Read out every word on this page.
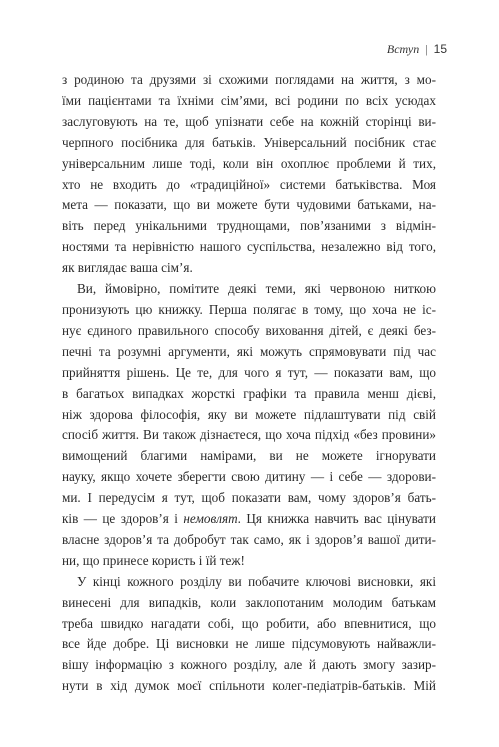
Вступ | 15

з родиною та друзями зі схожими поглядами на життя, з мо-
їми пацієнтами та їхніми сім’ями, всі родини по всіх усюдах
заслуговують на те, щоб упізнати себе на кожній сторінці ви-
черпного посібника для батьків. Універсальний посібник стає
універсальним лише тоді, коли він охоплює проблеми й тих,
хто не входить до «традиційної» системи батьківства. Моя
мета — показати, що ви можете бути чудовими батьками, на-
віть перед унікальними труднощами, пов’язаними з відмін-
ностями та нерівністю нашого суспільства, незалежно від того,
як виглядає ваша сім’я.

Ви, ймовірно, помітите деякі теми, які червоною ниткою
пронизують цю книжку. Перша полягає в тому, що хоча не іс-
нує єдиного правильного способу виховання дітей, є деякі без-
печні та розумні аргументи, які можуть спрямовувати під час
прийняття рішень. Це те, для чого я тут, — показати вам, що
в багатьох випадках жорсткі графіки та правила менш дієві,
ніж здорова філософія, яку ви можете підлаштувати під свій
спосіб життя. Ви також дізнаєтеся, що хоча підхід «без провини»
вимощений благими намірами, ви не можете ігнорувати
науку, якщо хочете зберегти свою дитину — і себе — здорови-
ми. І передусім я тут, щоб показати вам, чому здоров’я бать-
ків — це здоров’я і немовлят. Ця книжка навчить вас цінувати
власне здоров’я та добробут так само, як і здоров’я вашої дити-
ни, що принесе користь і їй теж!

У кінці кожного розділу ви побачите ключові висновки, які
винесені для випадків, коли заклопотаним молодим батькам
треба швидко нагадати собі, що робити, або впевнитися, що
все йде добре. Ці висновки не лише підсумовують найважли-
вішу інформацію з кожного розділу, але й дають змогу зазир-
нути в хід думок моєї спільноти колег-педіатрів-батьків. Мій
